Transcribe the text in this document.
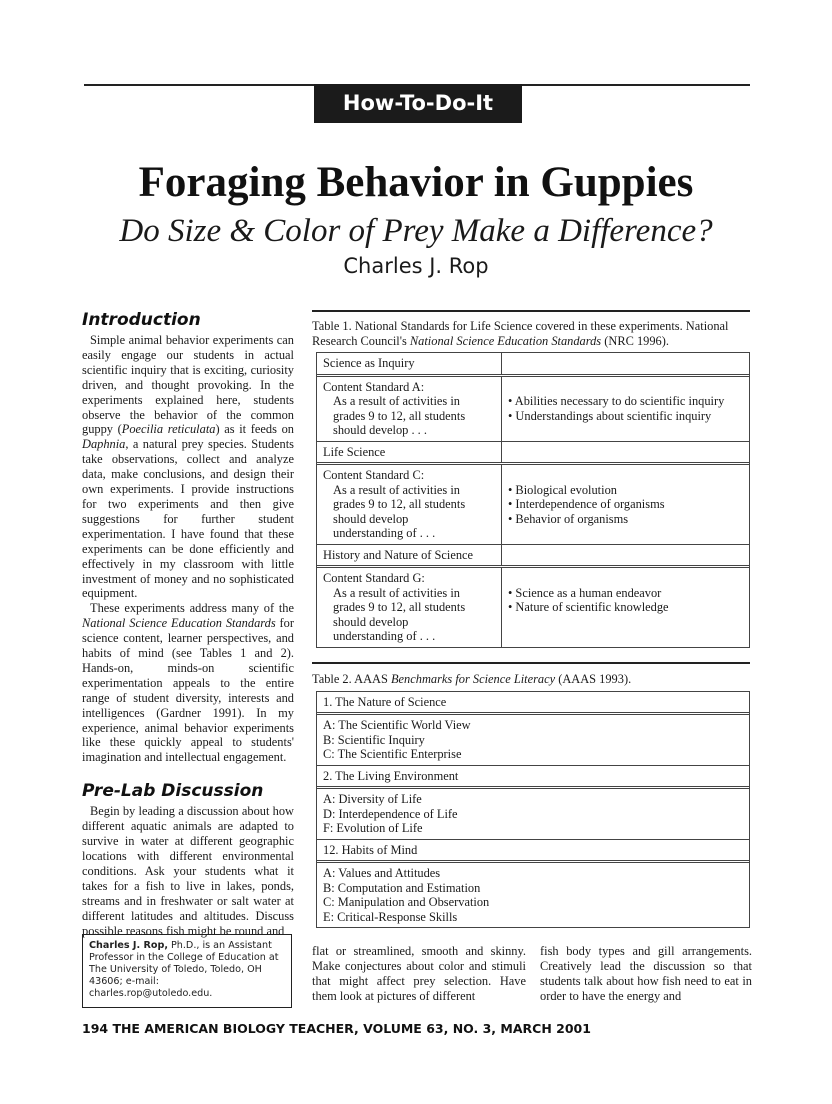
How-To-Do-It
Foraging Behavior in Guppies
Do Size & Color of Prey Make a Difference?
Charles J. Rop
Introduction

Simple animal behavior experiments can easily engage our students in actual scientific inquiry that is exciting, curiosity driven, and thought provoking. In the experiments explained here, students observe the behavior of the common guppy (Poecilia reticulata) as it feeds on Daphnia, a natural prey species. Students take observations, collect and analyze data, make conclusions, and design their own experiments. I provide instructions for two experiments and then give suggestions for further student experimentation. I have found that these experiments can be done efficiently and effectively in my classroom with little investment of money and no sophisticated equipment.

These experiments address many of the National Science Education Standards for science content, learner perspectives, and habits of mind (see Tables 1 and 2). Hands-on, minds-on scientific experimentation appeals to the entire range of student diversity, interests and intelligences (Gardner 1991). In my experience, animal behavior experiments like these quickly appeal to students' imagination and intellectual engagement.

Pre-Lab Discussion

Begin by leading a discussion about how different aquatic animals are adapted to survive in water at different geographic locations with different environmental conditions. Ask your students what it takes for a fish to live in lakes, ponds, streams and in freshwater or salt water at different latitudes and altitudes. Discuss possible reasons fish might be round and

Charles J. Rop, Ph.D., is an Assistant Professor in the College of Education at The University of Toledo, Toledo, OH 43606; e-mail: charles.rop@utoledo.edu.
Table 1. National Standards for Life Science covered in these experiments. National Research Council's National Science Education Standards (NRC 1996).
Science as Inquiry
Content Standard A:
As a result of activities in
grades 9 to 12, all students
should develop . . .
• Abilities necessary to do scientific inquiry
• Understandings about scientific inquiry
Life Science
Content Standard C:
As a result of activities in
grades 9 to 12, all students
should develop
understanding of . . .
• Biological evolution
• Interdependence of organisms
• Behavior of organisms
History and Nature of Science
Content Standard G:
As a result of activities in
grades 9 to 12, all students
should develop
understanding of . . .
• Science as a human endeavor
• Nature of scientific knowledge
Table 2. AAAS Benchmarks for Science Literacy (AAAS 1993).
1. The Nature of Science
A: The Scientific World View
B: Scientific Inquiry
C: The Scientific Enterprise
2. The Living Environment
A: Diversity of Life
D: Interdependence of Life
F: Evolution of Life
12. Habits of Mind
A: Values and Attitudes
B: Computation and Estimation
C: Manipulation and Observation
E: Critical-Response Skills

flat or streamlined, smooth and skinny. Make conjectures about color and stimuli that might affect prey selection. Have them look at pictures of different

fish body types and gill arrangements. Creatively lead the discussion so that students talk about how fish need to eat in order to have the energy and

194 THE AMERICAN BIOLOGY TEACHER, VOLUME 63, NO. 3, MARCH 2001
